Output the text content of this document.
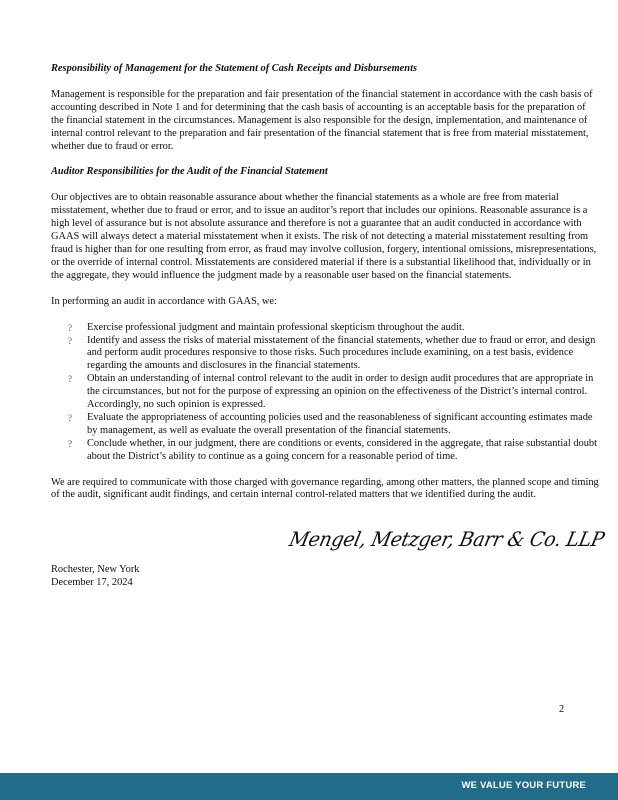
Responsibility of Management for the Statement of Cash Receipts and Disbursements

Management is responsible for the preparation and fair presentation of the financial statement in accordance with the cash basis of accounting described in Note 1 and for determining that the cash basis of accounting is an acceptable basis for the preparation of the financial statement in the circumstances. Management is also responsible for the design, implementation, and maintenance of internal control relevant to the preparation and fair presentation of the financial statement that is free from material misstatement, whether due to fraud or error.

Auditor Responsibilities for the Audit of the Financial Statement

Our objectives are to obtain reasonable assurance about whether the financial statements as a whole are free from material misstatement, whether due to fraud or error, and to issue an auditor’s report that includes our opinions. Reasonable assurance is a high level of assurance but is not absolute assurance and therefore is not a guarantee that an audit conducted in accordance with GAAS will always detect a material misstatement when it exists. The risk of not detecting a material misstatement resulting from fraud is higher than for one resulting from error, as fraud may involve collusion, forgery, intentional omissions, misrepresentations, or the override of internal control. Misstatements are considered material if there is a substantial likelihood that, individually or in the aggregate, they would influence the judgment made by a reasonable user based on the financial statements.

In performing an audit in accordance with GAAS, we:

? Exercise professional judgment and maintain professional skepticism throughout the audit.
? Identify and assess the risks of material misstatement of the financial statements, whether due to fraud or error, and design and perform audit procedures responsive to those risks. Such procedures include examining, on a test basis, evidence regarding the amounts and disclosures in the financial statements.
? Obtain an understanding of internal control relevant to the audit in order to design audit procedures that are appropriate in the circumstances, but not for the purpose of expressing an opinion on the effectiveness of the District’s internal control. Accordingly, no such opinion is expressed.
? Evaluate the appropriateness of accounting policies used and the reasonableness of significant accounting estimates made by management, as well as evaluate the overall presentation of the financial statements.
? Conclude whether, in our judgment, there are conditions or events, considered in the aggregate, that raise substantial doubt about the District’s ability to continue as a going concern for a reasonable period of time.

We are required to communicate with those charged with governance regarding, among other matters, the planned scope and timing of the audit, significant audit findings, and certain internal control-related matters that we identified during the audit.

Mengel, Metzger, Barr & Co. LLP
Rochester, New York
December 17, 2024
2
WE VALUE YOUR FUTURE
